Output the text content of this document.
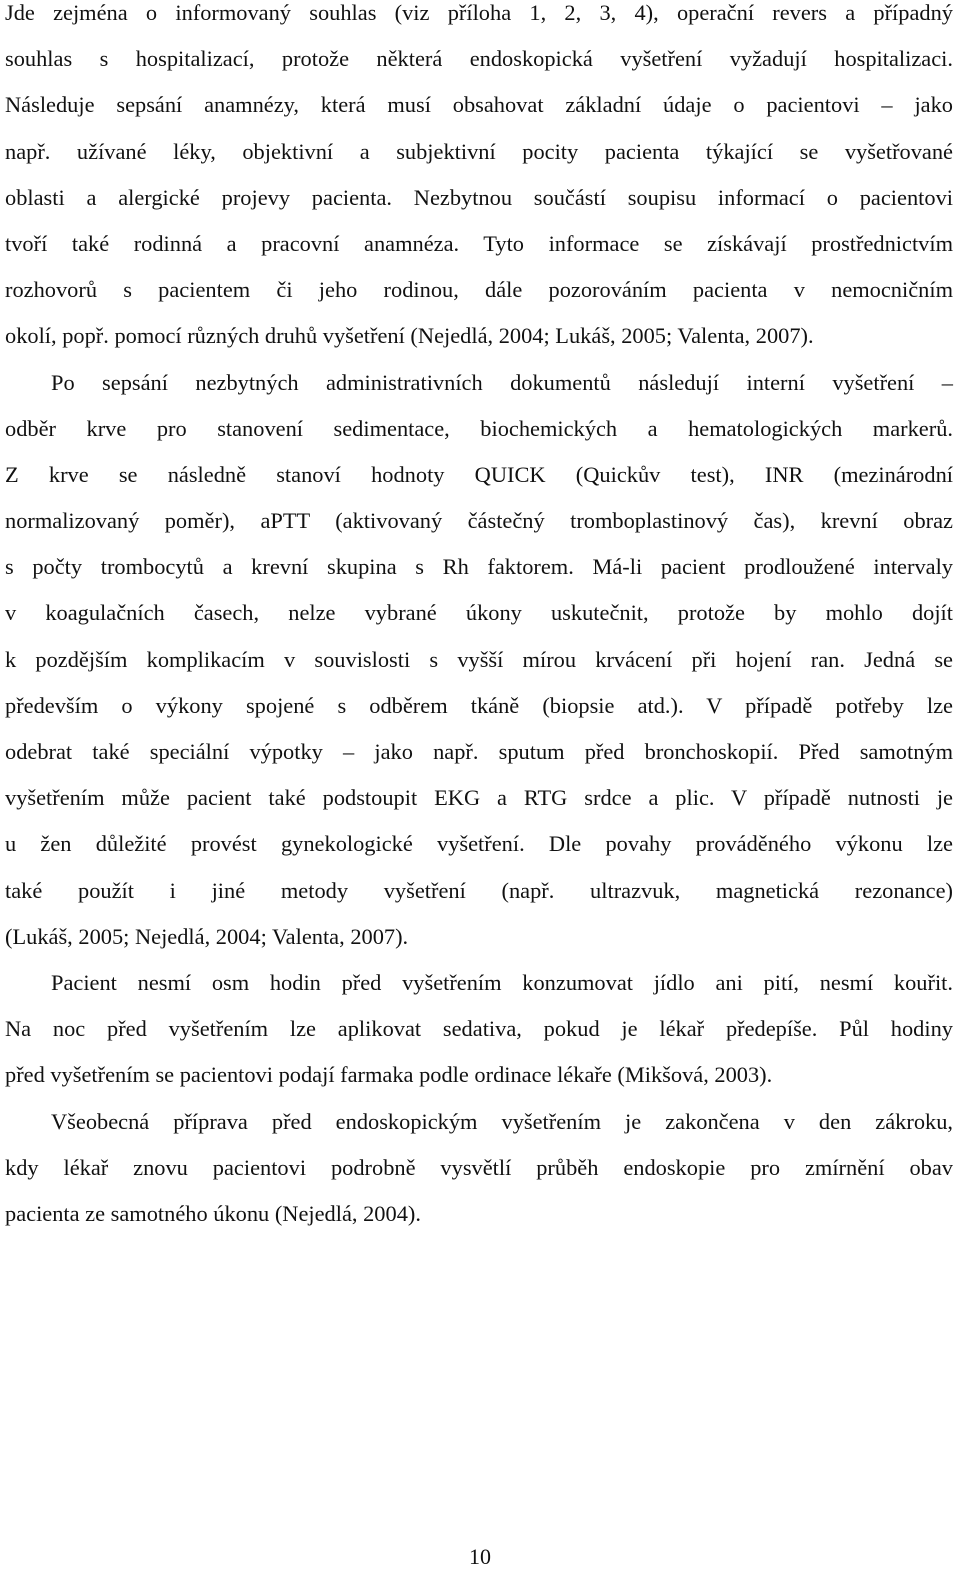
Jde zejména o informovaný souhlas (viz příloha 1, 2, 3, 4), operační revers a případný
souhlas s hospitalizací, protože některá endoskopická vyšetření vyžadují hospitalizaci.
Následuje sepsání anamnézy, která musí obsahovat základní údaje o pacientovi – jako
např. užívané léky, objektivní a subjektivní pocity pacienta týkající se vyšetřované
oblasti a alergické projevy pacienta. Nezbytnou součástí soupisu informací o pacientovi
tvoří také rodinná a pracovní anamnéza. Tyto informace se získávají prostřednictvím
rozhovorů s pacientem či jeho rodinou, dále pozorováním pacienta v nemocničním
okolí, popř. pomocí různých druhů vyšetření (Nejedlá, 2004; Lukáš, 2005; Valenta, 2007).
Po sepsání nezbytných administrativních dokumentů následují interní vyšetření –
odběr krve pro stanovení sedimentace, biochemických a hematologických markerů.
Z krve se následně stanoví hodnoty QUICK (Quickův test), INR (mezinárodní
normalizovaný poměr), aPTT (aktivovaný částečný tromboplastinový čas), krevní obraz
s počty trombocytů a krevní skupina s Rh faktorem. Má-li pacient prodloužené intervaly
v koagulačních časech, nelze vybrané úkony uskutečnit, protože by mohlo dojít
k pozdějším komplikacím v souvislosti s vyšší mírou krvácení při hojení ran. Jedná se
především o výkony spojené s odběrem tkáně (biopsie atd.). V případě potřeby lze
odebrat také speciální výpotky – jako např. sputum před bronchoskopií. Před samotným
vyšetřením může pacient také podstoupit EKG a RTG srdce a plic. V případě nutnosti je
u žen důležité provést gynekologické vyšetření. Dle povahy prováděného výkonu lze
také použít i jiné metody vyšetření (např. ultrazvuk, magnetická rezonance)
(Lukáš, 2005; Nejedlá, 2004; Valenta, 2007).
Pacient nesmí osm hodin před vyšetřením konzumovat jídlo ani pití, nesmí kouřit.
Na noc před vyšetřením lze aplikovat sedativa, pokud je lékař předepíše. Půl hodiny
před vyšetřením se pacientovi podají farmaka podle ordinace lékaře (Mikšová, 2003).
Všeobecná příprava před endoskopickým vyšetřením je zakončena v den zákroku,
kdy lékař znovu pacientovi podrobně vysvětlí průběh endoskopie pro zmírnění obav
pacienta ze samotného úkonu (Nejedlá, 2004).
10
